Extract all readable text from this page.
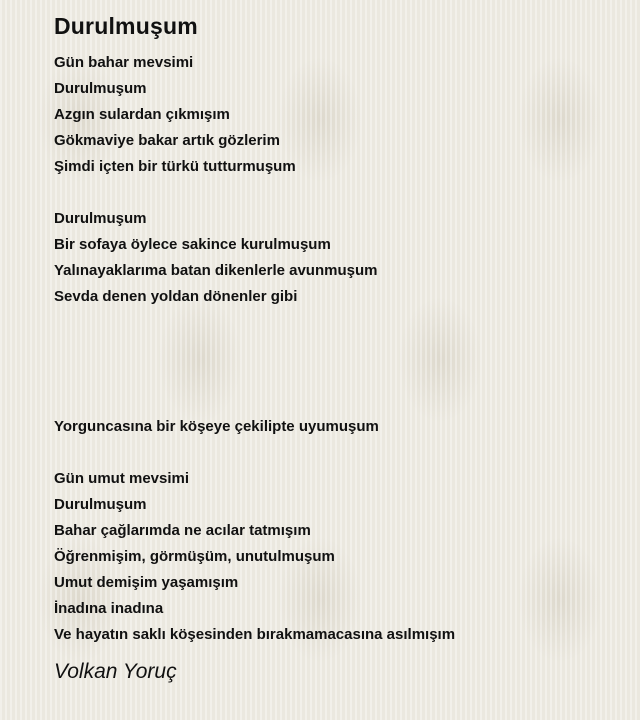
Durulmuşum
Gün bahar mevsimi
Durulmuşum
Azgın sulardan çıkmışım
Gökmaviye bakar artık gözlerim
Şimdi içten bir türkü tutturmuşum
Durulmuşum
Bir sofaya öylece sakince kurulmuşum
Yalınayaklarıma batan dikenlerle avunmuşum
Sevda denen yoldan dönenler gibi
Yorguncasına bir köşeye çekilipte uyumuşum
Gün umut mevsimi
Durulmuşum
Bahar çağlarımda ne acılar tatmışım
Öğrenmişim, görmüşüm, unutulmuşum
Umut demişim yaşamışım
İnadına inadına
Ve hayatın saklı köşesinden bırakmamacasına asılmışım
Volkan Yoruç
